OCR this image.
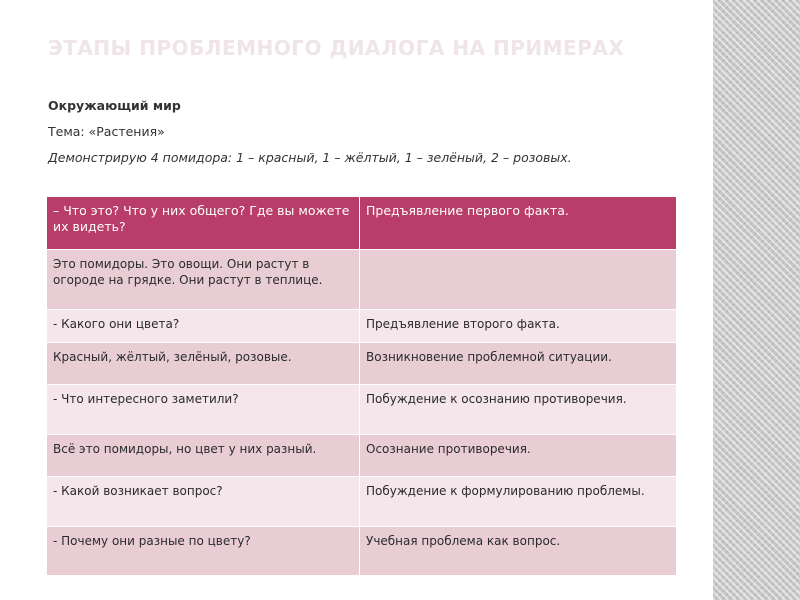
ЭТАПЫ ПРОБЛЕМНОГО ДИАЛОГА НА ПРИМЕРАХ

Окружающий мир

Тема: «Растения»

Демонстрирую 4 помидора: 1 – красный, 1 – жёлтый, 1 – зелёный, 2 – розовых.

– Что это? Что у них общего? Где вы можете их видеть?	Предъявление первого факта.
Это помидоры. Это овощи. Они растут в огороде на грядке. Они растут в теплице.	
- Какого они цвета?	Предъявление второго факта.
Красный, жёлтый, зелёный, розовые.	Возникновение проблемной ситуации.
- Что интересного заметили?	Побуждение к осознанию противоречия.
Всё это помидоры, но цвет у них разный.	Осознание противоречия.
- Какой возникает вопрос?	Побуждение к формулированию проблемы.
- Почему они разные по цвету?	Учебная проблема как вопрос.
